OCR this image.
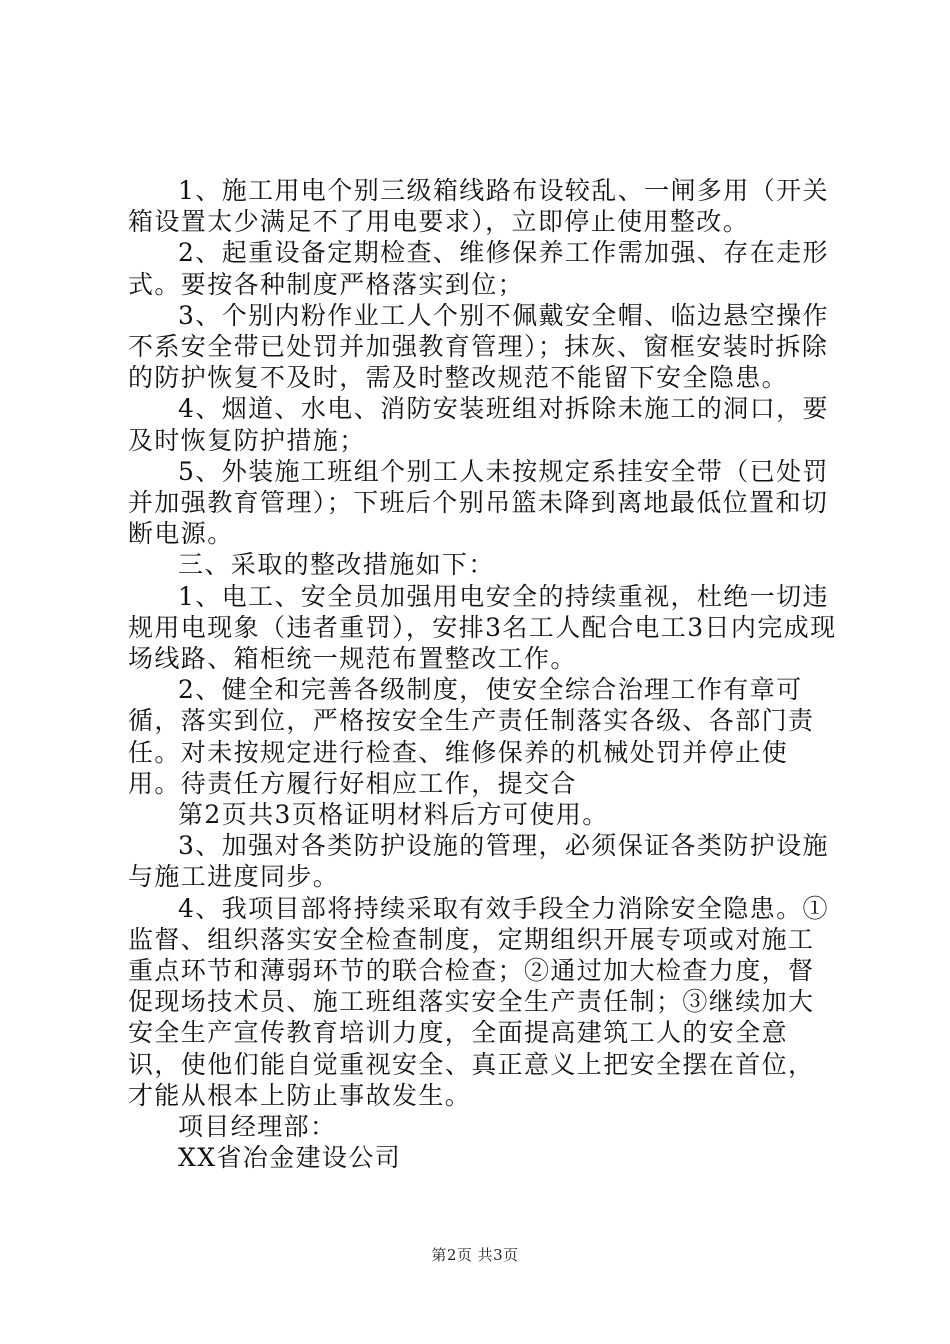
1、施工用电个别三级箱线路布设较乱、一闸多用（开关箱设置太少满足不了用电要求），立即停止使用整改。

2、起重设备定期检查、维修保养工作需加强、存在走形式。要按各种制度严格落实到位；

3、个别内粉作业工人个别不佩戴安全帽、临边悬空操作不系安全带已处罚并加强教育管理）；抹灰、窗框安装时拆除的防护恢复不及时，需及时整改规范不能留下安全隐患。

4、烟道、水电、消防安装班组对拆除未施工的洞口，要及时恢复防护措施；

5、外装施工班组个别工人未按规定系挂安全带（已处罚并加强教育管理）；下班后个别吊篮未降到离地最低位置和切断电源。

三、采取的整改措施如下：

1、电工、安全员加强用电安全的持续重视，杜绝一切违规用电现象（违者重罚），安排3名工人配合电工3日内完成现场线路、箱柜统一规范布置整改工作。

2、健全和完善各级制度，使安全综合治理工作有章可循，落实到位，严格按安全生产责任制落实各级、各部门责任。对未按规定进行检查、维修保养的机械处罚并停止使用。待责任方履行好相应工作，提交合

第2页共3页格证明材料后方可使用。

3、加强对各类防护设施的管理，必须保证各类防护设施与施工进度同步。

4、我项目部将持续采取有效手段全力消除安全隐患。①监督、组织落实安全检查制度，定期组织开展专项或对施工重点环节和薄弱环节的联合检查；②通过加大检查力度，督促现场技术员、施工班组落实安全生产责任制；③继续加大安全生产宣传教育培训力度，全面提高建筑工人的安全意识，使他们能自觉重视安全、真正意义上把安全摆在首位，才能从根本上防止事故发生。

项目经理部：

XX省冶金建设公司

第2页 共3页
